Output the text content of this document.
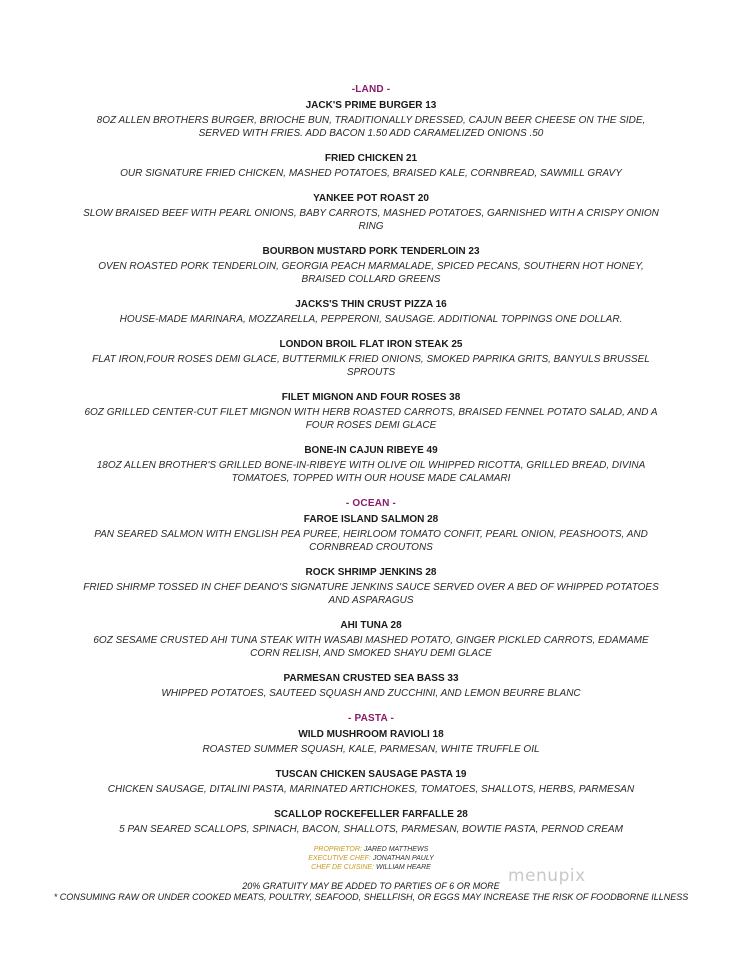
-LAND -
JACK'S PRIME BURGER 13

8OZ ALLEN BROTHERS BURGER, BRIOCHE BUN, TRADITIONALLY DRESSED, CAJUN BEER CHEESE ON THE SIDE, SERVED WITH FRIES. ADD BACON 1.50 ADD CARAMELIZED ONIONS .50

FRIED CHICKEN 21

OUR SIGNATURE FRIED CHICKEN, MASHED POTATOES, BRAISED KALE, CORNBREAD, SAWMILL GRAVY

YANKEE POT ROAST 20

SLOW BRAISED BEEF WITH PEARL ONIONS, BABY CARROTS, MASHED POTATOES, GARNISHED WITH A CRISPY ONION RING

BOURBON MUSTARD PORK TENDERLOIN 23

OVEN ROASTED PORK TENDERLOIN, GEORGIA PEACH MARMALADE, SPICED PECANS, SOUTHERN HOT HONEY, BRAISED COLLARD GREENS

JACKS'S THIN CRUST PIZZA 16

HOUSE-MADE MARINARA, MOZZARELLA, PEPPERONI, SAUSAGE. ADDITIONAL TOPPINGS ONE DOLLAR.

LONDON BROIL FLAT IRON STEAK 25

FLAT IRON,FOUR ROSES DEMI GLACE, BUTTERMILK FRIED ONIONS, SMOKED PAPRIKA GRITS, BANYULS BRUSSEL SPROUTS

FILET MIGNON AND FOUR ROSES 38

6OZ GRILLED CENTER-CUT FILET MIGNON WITH HERB ROASTED CARROTS, BRAISED FENNEL POTATO SALAD, AND A FOUR ROSES DEMI GLACE

BONE-IN CAJUN RIBEYE 49

18OZ ALLEN BROTHER'S GRILLED BONE-IN-RIBEYE WITH OLIVE OIL WHIPPED RICOTTA, GRILLED BREAD, DIVINA TOMATOES, TOPPED WITH OUR HOUSE MADE CALAMARI

- OCEAN -
FAROE ISLAND SALMON 28

PAN SEARED SALMON WITH ENGLISH PEA PUREE, HEIRLOOM TOMATO CONFIT, PEARL ONION, PEASHOOTS, AND CORNBREAD CROUTONS

ROCK SHRIMP JENKINS 28

FRIED SHIRMP TOSSED IN CHEF DEANO'S SIGNATURE JENKINS SAUCE SERVED OVER A BED OF WHIPPED POTATOES AND ASPARAGUS

AHI TUNA 28

6OZ SESAME CRUSTED AHI TUNA STEAK WITH WASABI MASHED POTATO, GINGER PICKLED CARROTS, EDAMAME CORN RELISH, AND SMOKED SHAYU DEMI GLACE

PARMESAN CRUSTED SEA BASS 33

WHIPPED POTATOES, SAUTEED SQUASH AND ZUCCHINI, AND LEMON BEURRE BLANC

- PASTA -
WILD MUSHROOM RAVIOLI 18

ROASTED SUMMER SQUASH, KALE, PARMESAN, WHITE TRUFFLE OIL

TUSCAN CHICKEN SAUSAGE PASTA 19

CHICKEN SAUSAGE, DITALINI PASTA, MARINATED ARTICHOKES, TOMATOES, SHALLOTS, HERBS, PARMESAN

SCALLOP ROCKEFELLER FARFALLE 28

5 PAN SEARED SCALLOPS, SPINACH, BACON, SHALLOTS, PARMESAN, BOWTIE PASTA, PERNOD CREAM

PROPRIETOR: JARED MATTHEWS
EXECUTIVE CHEF: JONATHAN PAULY
CHEF DE CUISINE: WILLIAM HEARE
20% GRATUITY MAY BE ADDED TO PARTIES OF 6 OR MORE
* CONSUMING RAW OR UNDER COOKED MEATS, POULTRY, SEAFOOD, SHELLFISH, OR EGGS MAY INCREASE THE RISK OF FOODBORNE ILLNESS
menupix
